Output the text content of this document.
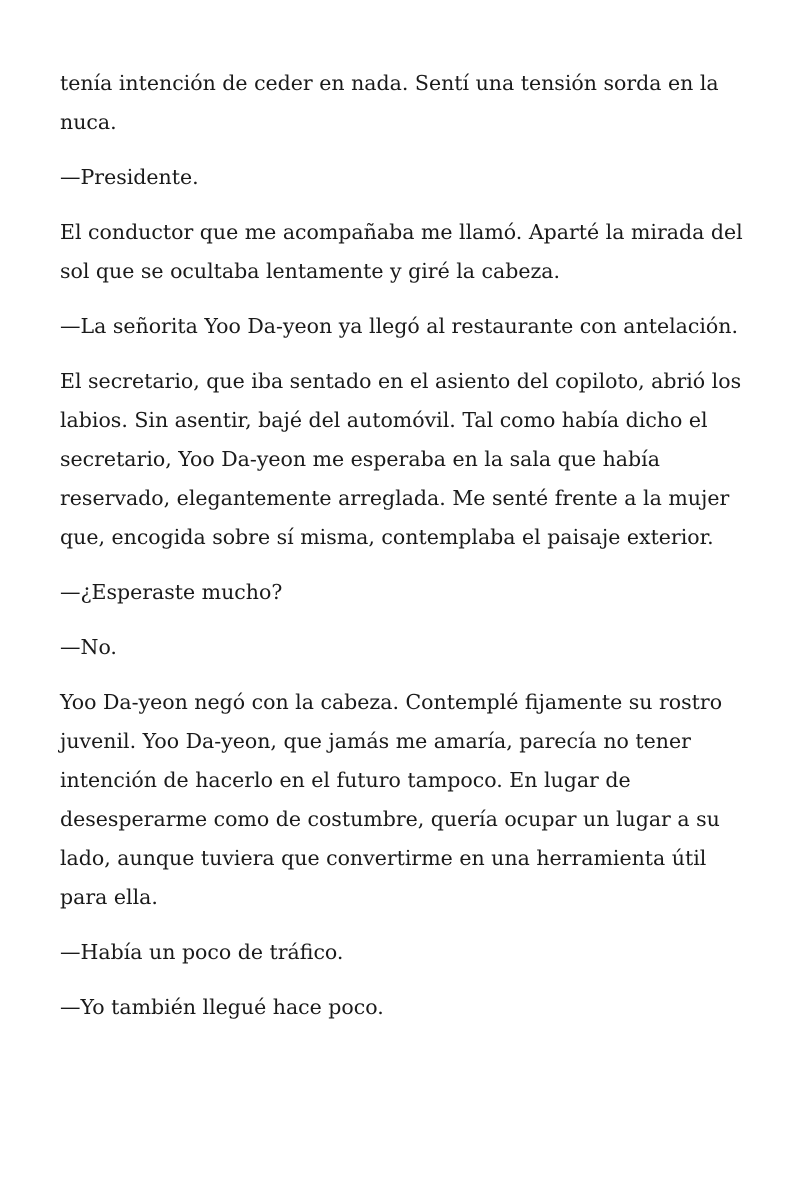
tenía intención de ceder en nada. Sentí una tensión sorda en la nuca.

—Presidente.

El conductor que me acompañaba me llamó. Aparté la mirada del sol que se ocultaba lentamente y giré la cabeza.

—La señorita Yoo Da-yeon ya llegó al restaurante con antelación.

El secretario, que iba sentado en el asiento del copiloto, abrió los labios. Sin asentir, bajé del automóvil. Tal como había dicho el secretario, Yoo Da-yeon me esperaba en la sala que había reservado, elegantemente arreglada. Me senté frente a la mujer que, encogida sobre sí misma, contemplaba el paisaje exterior.

—¿Esperaste mucho?

—No.

Yoo Da-yeon negó con la cabeza. Contemplé fijamente su rostro juvenil. Yoo Da-yeon, que jamás me amaría, parecía no tener intención de hacerlo en el futuro tampoco. En lugar de desesperarme como de costumbre, quería ocupar un lugar a su lado, aunque tuviera que convertirme en una herramienta útil para ella.

—Había un poco de tráfico.

—Yo también llegué hace poco.
